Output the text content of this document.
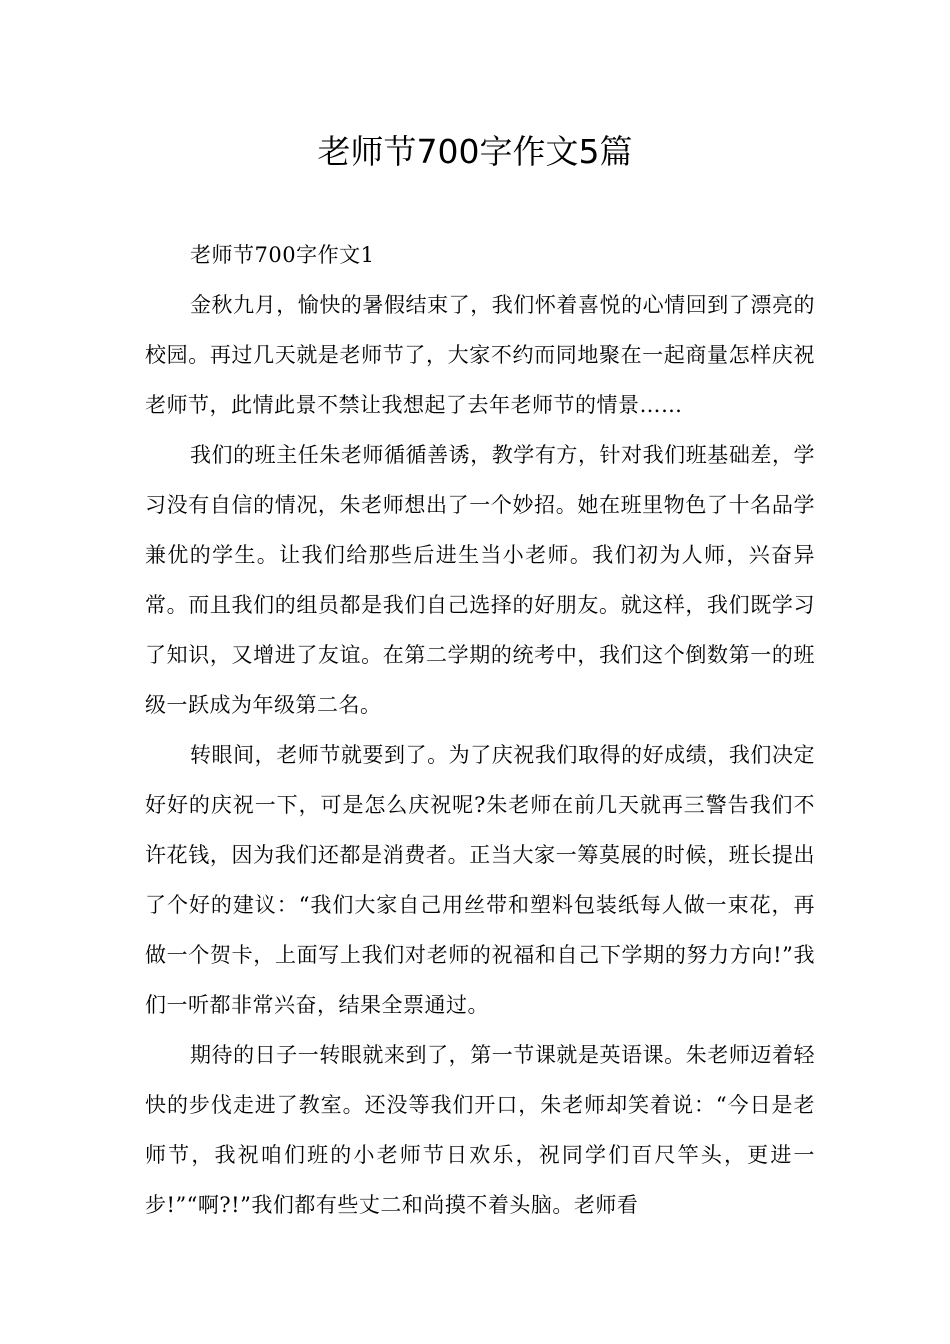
老师节700字作文5篇

老师节700字作文1

金秋九月，愉快的暑假结束了，我们怀着喜悦的心情回到了漂亮的校园。再过几天就是老师节了，大家不约而同地聚在一起商量怎样庆祝老师节，此情此景不禁让我想起了去年老师节的情景……

我们的班主任朱老师循循善诱，教学有方，针对我们班基础差，学习没有自信的情况，朱老师想出了一个妙招。她在班里物色了十名品学兼优的学生。让我们给那些后进生当小老师。我们初为人师，兴奋异常。而且我们的组员都是我们自己选择的好朋友。就这样，我们既学习了知识，又增进了友谊。在第二学期的统考中，我们这个倒数第一的班级一跃成为年级第二名。

转眼间，老师节就要到了。为了庆祝我们取得的好成绩，我们决定好好的庆祝一下，可是怎么庆祝呢?朱老师在前几天就再三警告我们不许花钱，因为我们还都是消费者。正当大家一筹莫展的时候，班长提出了个好的建议：“我们大家自己用丝带和塑料包装纸每人做一束花，再做一个贺卡，上面写上我们对老师的祝福和自己下学期的努力方向!”我们一听都非常兴奋，结果全票通过。

期待的日子一转眼就来到了，第一节课就是英语课。朱老师迈着轻快的步伐走进了教室。还没等我们开口，朱老师却笑着说：“今日是老师节，我祝咱们班的小老师节日欢乐，祝同学们百尺竿头，更进一步!”“啊?!”我们都有些丈二和尚摸不着头脑。老师看
